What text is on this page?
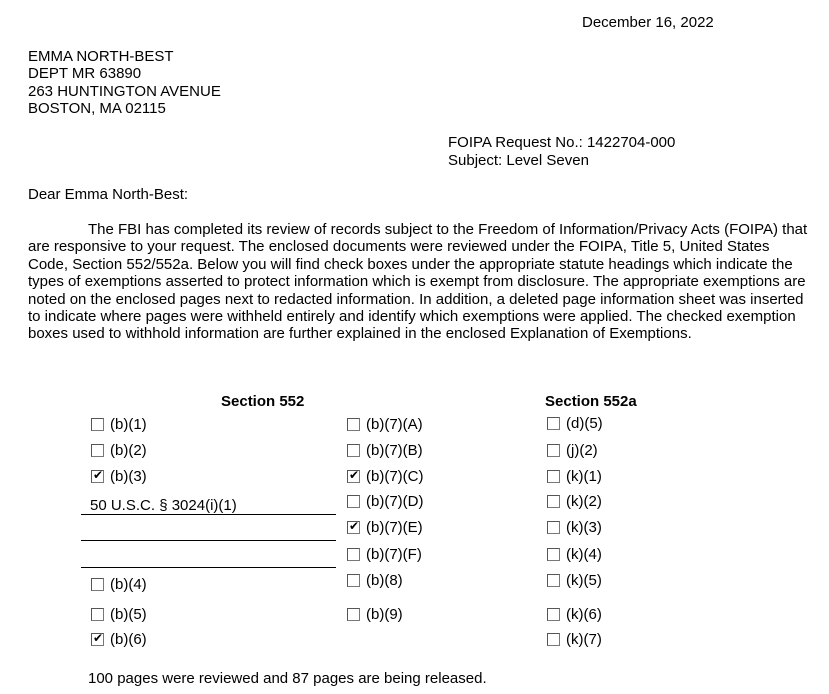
December 16, 2022
EMMA NORTH-BEST
DEPT MR 63890
263 HUNTINGTON AVENUE
BOSTON, MA 02115
FOIPA Request No.: 1422704-000
Subject: Level Seven
Dear Emma North-Best:
The FBI has completed its review of records subject to the Freedom of Information/Privacy Acts (FOIPA) that are responsive to your request. The enclosed documents were reviewed under the FOIPA, Title 5, United States Code, Section 552/552a. Below you will find check boxes under the appropriate statute headings which indicate the types of exemptions asserted to protect information which is exempt from disclosure. The appropriate exemptions are noted on the enclosed pages next to redacted information. In addition, a deleted page information sheet was inserted to indicate where pages were withheld entirely and identify which exemptions were applied. The checked exemption boxes used to withhold information are further explained in the enclosed Explanation of Exemptions.
Section 552	Section 552a
(b)(1)
(b)(2)
✔
(b)(3)
50 U.S.C. § 3024(i)(1)
(b)(4)
(b)(5)
✔
(b)(6)
(b)(7)(A)
(b)(7)(B)
✔
(b)(7)(C)
(b)(7)(D)
✔
(b)(7)(E)
(b)(7)(F)
(b)(8)
(b)(9)
(d)(5)
(j)(2)
(k)(1)
(k)(2)
(k)(3)
(k)(4)
(k)(5)
(k)(6)
(k)(7)
100 pages were reviewed and 87 pages are being released.
